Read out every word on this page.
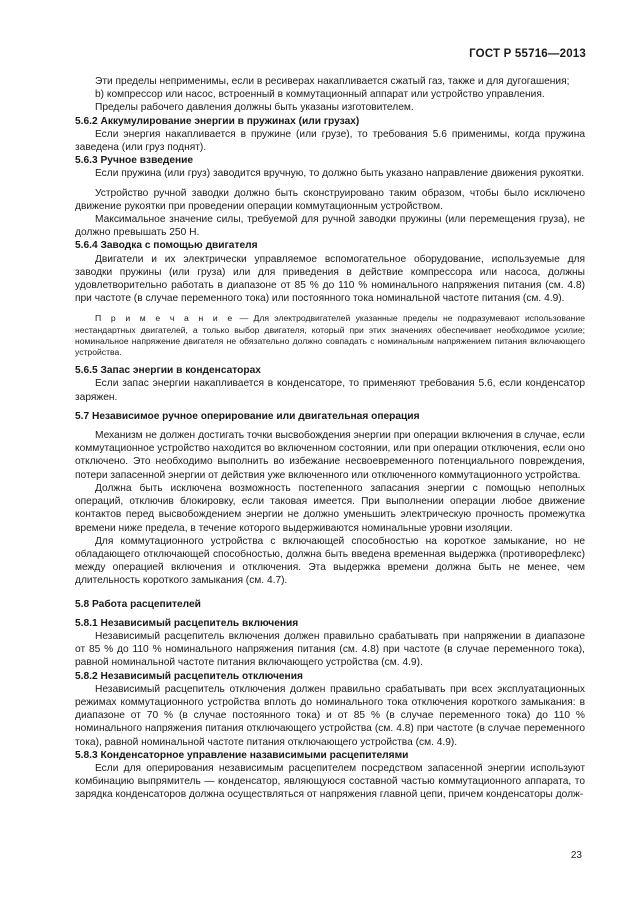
ГОСТ Р 55716—2013

Эти пределы неприменимы, если в ресиверах накапливается сжатый газ, также и для дугогашения;

b) компрессор или насос, встроенный в коммутационный аппарат или устройство управления.

Пределы рабочего давления должны быть указаны изготовителем.

5.6.2 Аккумулирование энергии в пружинах (или грузах)

Если энергия накапливается в пружине (или грузе), то требования 5.6 применимы, когда пружина заведена (или груз поднят).

5.6.3 Ручное взведение

Если пружина (или груз) заводится вручную, то должно быть указано направление движения рукоятки.

Устройство ручной заводки должно быть сконструировано таким образом, чтобы было исключено движение рукоятки при проведении операции коммутационным устройством.

Максимальное значение силы, требуемой для ручной заводки пружины (или перемещения груза), не должно превышать 250 Н.

5.6.4 Заводка с помощью двигателя

Двигатели и их электрически управляемое вспомогательное оборудование, используемые для заводки пружины (или груза) или для приведения в действие компрессора или насоса, должны удовлетворительно работать в диапазоне от 85 % до 110 % номинального напряжения питания (см. 4.8) при частоте (в случае переменного тока) или постоянного тока номинальной частоте питания (см. 4.9).

П р и м е ч а н и е — Для электродвигателей указанные пределы не подразумевают использование нестандартных двигателей, а только выбор двигателя, который при этих значениях обеспечивает необходимое усилие; номинальное напряжение двигателя не обязательно должно совпадать с номинальным напряжением питания включающего устройства.

5.6.5 Запас энергии в конденсаторах

Если запас энергии накапливается в конденсаторе, то применяют требования 5.6, если конденсатор заряжен.

5.7 Независимое ручное оперирование или двигательная операция

Механизм не должен достигать точки высвобождения энергии при операции включения в случае, если коммутационное устройство находится во включенном состоянии, или при операции отключения, если оно отключено. Это необходимо выполнить во избежание несвоевременного потенциального повреждения, потери запасенной энергии от действия уже включенного или отключенного коммутационного устройства.

Должна быть исключена возможность постепенного запасания энергии с помощью неполных операций, отключив блокировку, если таковая имеется. При выполнении операции любое движение контактов перед высвобождением энергии не должно уменьшить электрическую прочность промежутка времени ниже предела, в течение которого выдерживаются номинальные уровни изоляции.

Для коммутационного устройства с включающей способностью на короткое замыкание, но не обладающего отключающей способностью, должна быть введена временная выдержка (противорефлекс) между операцией включения и отключения. Эта выдержка времени должна быть не менее, чем длительность короткого замыкания (см. 4.7).

5.8 Работа расцепителей

5.8.1 Независимый расцепитель включения

Независимый расцепитель включения должен правильно срабатывать при напряжении в диапазоне от 85 % до 110 % номинального напряжения питания (см. 4.8) при частоте (в случае переменного тока), равной номинальной частоте питания включающего устройства (см. 4.9).

5.8.2 Независимый расцепитель отключения

Независимый расцепитель отключения должен правильно срабатывать при всех эксплуатационных режимах коммутационного устройства вплоть до номинального тока отключения короткого замыкания: в диапазоне от 70 % (в случае постоянного тока) и от 85 % (в случае переменного тока) до 110 % номинального напряжения питания отключающего устройства (см. 4.8) при частоте (в случае переменного тока), равной номинальной частоте питания отключающего устройства (см. 4.9).

5.8.3 Конденсаторное управление назависимыми расцепителями

Если для оперирования независимым расцепителем посредством запасенной энергии используют комбинацию выпрямитель — конденсатор, являющуюся составной частью коммутационного аппарата, то зарядка конденсаторов должна осуществляться от напряжения главной цепи, причем конденсаторы долж-

23
